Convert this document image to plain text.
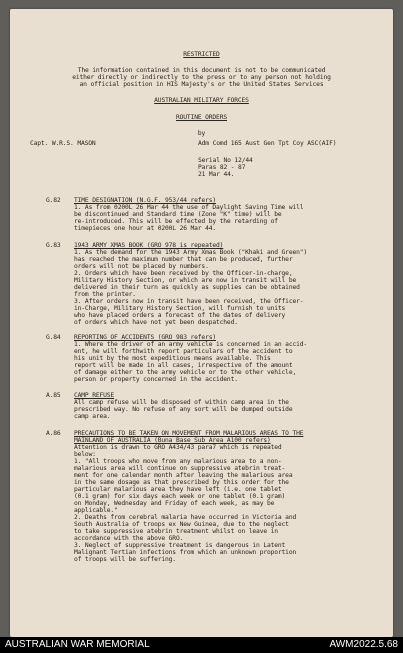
RESTRICTED
The information contained in this document is not to be communicated
either directly or indirectly to the press or to any person not holding
an official position in HIS Majesty's or the United States Services
AUSTRALIAN MILITARY FORCES
ROUTINE ORDERS
by
Capt. W.R.S. MASON	Adm Comd 165 Aust Gen Tpt Coy ASC(AIF)
Serial No 12/44
Paras 82 - 87
21 Mar 44.
G.82 TIME DESIGNATION (N.G.F. 953/44 refers)
1. As from 0200L 26 Mar 44 the use of Daylight Saving Time will
be discontinued and Standard time (Zone "K" time) will be
re-introduced. This will be effected by the retarding of
timepieces one hour at 0200L 26 Mar 44.
G.83 1943 ARMY XMAS BOOK (GRO 978 is repeated)
1. As the demand for the 1943 Army Xmas Book ("Khaki and Green")
has reached the maximum number that can be produced, further
orders will not be placed by numbers.
2. Orders which have been received by the Officer-in-charge,
Military History Section, or which are now in transit will be
delivered in their turn as quickly as supplies can be obtained
from the printer.
3. After orders now in transit have been received, the Officer-
in-Charge, Military History Section, will furnish to units
who have placed orders a forecast of the dates of delivery
of orders which have not yet been despatched.
G.84 REPORTING OF ACCIDENTS (GRO 983 refers)
1. Where the driver of an army vehicle is concerned in an accid-
ent, he will forthwith report particulars of the accident to
his unit by the most expeditious means available. This
report will be made in all cases, irrespective of the amount
of damage either to the army vehicle or to the other vehicle,
person or property concerned in the accident.
A.85 CAMP REFUSE
All camp refuse will be disposed of within camp area in the
prescribed way. No refuse of any sort will be dumped outside
camp area.
A.86 PRECAUTIONS TO BE TAKEN ON MOVEMENT FROM MALARIOUS AREAS TO THE
MAINLAND OF AUSTRALIA (Buna Base Sub Area A100 refers)
Attention is drawn to GRO A434/43 para7 which is repeated
below:
1. "All troops who move from any malarious area to a non-
malarious area will continue on suppressive atebrin treat-
ment for one calendar month after leaving the malarious area
in the same dosage as that prescribed by this order for the
particular malarious area they have left (i.e. one tablet
(0.1 gram) for six days each week or one tablet (0.1 gram)
on Monday, Wednesday and Friday of each week, as may be
applicable."
2. Deaths from cerebral malaria have occurred in Victoria and
South Australia of troops ex New Guinea, due to the neglect
to take suppressive atebrin treatment whilst on leave in
accordance with the above GRO.
3. Neglect of suppressive treatment is dangerous in Latent
Malignant Tertian infections from which an unknown proportion
of troops will be suffering.
AUSTRALIAN WAR MEMORIAL	AWM2022.5.68
